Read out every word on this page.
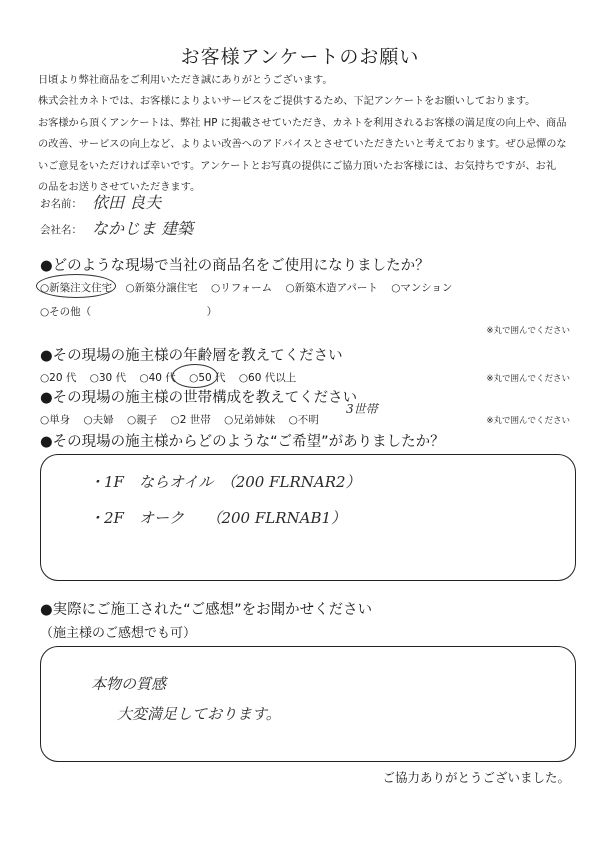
お客様アンケートのお願い

日頃より弊社商品をご利用いただき誠にありがとうございます。

株式会社カネトでは、お客様によりよいサービスをご提供するため、下記アンケートをお願いしております。

お客様から頂くアンケートは、弊社 HP に掲載させていただき、カネトを利用されるお客様の満足度の向上や、商品

の改善、サービスの向上など、よりよい改善へのアドバイスとさせていただきたいと考えております。ぜひ忌憚のな

いご意見をいただければ幸いです。アンケートとお写真の提供にご協力頂いたお客様には、お気持ちですが、お礼

の品をお送りさせていただきます。

お名前： 依田 良夫
会社名： なかじま 建築
●どのような現場で当社の商品名をご使用になりましたか？
○新築注文住宅 ○新築分譲住宅 ○リフォーム ○新築木造アパート ○マンション
○その他（　　　　　　　　　　　）
※丸で囲んでください
●その現場の施主様の年齢層を教えてください
○20 代 ○30 代 ○40 代 ○50 代 ○60 代以上	※丸で囲んでください
●その現場の施主様の世帯構成を教えてください
○単身 ○夫婦 ○親子 ○2 世帯 ○兄弟姉妹 ○不明
3世帯
※丸で囲んでください
●その現場の施主様からどのような“ご希望”がありましたか？
・1F　ならオイル　（200 FLRNAR2）
・2F　オーク　　（200 FLRNAB1）
●実際にご施工された“ご感想”をお聞かせください
（施主様のご感想でも可）
本物の質感
大変満足しております。
ご協力ありがとうございました。
